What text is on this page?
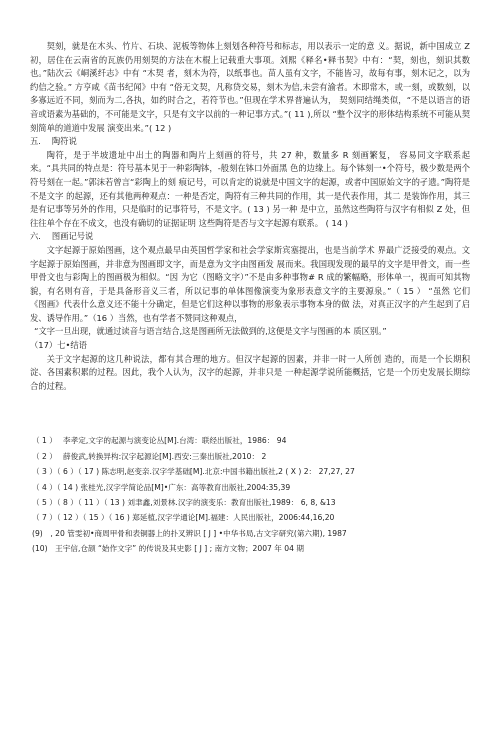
契刻，就是在木头、竹片、石块、泥板等物体上刻划各种符号和标志，用以表示一定的意 义。据说，新中国成立 Z 初，居住在云南省的瓦族仍用刻契的方法在木棍上记载重大事项。刘熙《释名•释书契》中有：“契，刻也，刻识其数也。”陆次云《峒溪纤志》中有 “木契 者，刻木为符，以纸事也。苗人虽有文字，不能皆习，故每有事，刻木记之，以为约信之验。” 方亨咸《苗书纪闻》中有 “俗无文契，凡称贷交易，刻木为信,未尝有渝者。木即常木，或一刻，或数刻，以多寡远近不同，刻而为二,各执，如约时合之，若符节也。”但现在学术界普遍认为， 契刻同结绳类似，“不是以语言的语音或语素为基础的，不可能是文字，只是有文字以前的一种记事方式。”( 11 ),所以 “整个汉字的形体结构系统不可能从契刻简单的道道中发展 演变出来。”( 12 )

五.　 陶符说

陶符，是于半坡遗址中出土的陶器和陶片上刻画的符号，共 27 种，数量多 R 刻画繁复， 容易同文字联系起来。“具共同的特点是：符号基本见于一种彩陶钵，-般刻在钵口外面黑 色的边缘上。每个钵刻一•个符号，极少数是两个符号刻在一起。”郭沫若曾言“彩陶上的刻 痕记号，可以肯定的说就是中国文字的起源，或者中国原始文字的孑遗。”陶符是不是文字 的起源，还有其他两种观点：一种是否定，陶符有三种共同的作用，其一是代表作用，其二 是装饰作用，其三是有记事等另外的作用，只是临时的记事符号，不是文字。( 13 ) 另一种 是中立，虽然这些陶符与汉字有相似 Z 处，但往往单个存在不成文，也没有确切的证据证明 这些陶符是否与文字起源有联系。 ( 14 )

六.　 图画记号说

文字起源于原始图画，这个观点最早由英国哲学家和社会学家斯宾塞提出，也是当前学术 界最广泛接受的观点。文字起源于原始图画，并非意为图画即文字，而是意为文字由图画发 展而来。我国现发现的最早的文字是甲骨文，而一些甲骨文也与彩陶上的图画极为相似。“因 为它（图略文字）”不是由多种事物# R 成的繁幅略，形体单一，视而可知其物貌，有名则有音，于是具备形音义三者，所以记事的单体图像演变为象形表意文字的主要源泉。”（ 15 ） “虽然 它们《图画》代表什么意义还不能十分确定，但是它们这种以事物的形象表示事物本身的做 法，对真正汉字的产生起到了启发、诱导作用。”（16 ）当然，也有学者不赞同这种观点，

“文字一旦出现，就通过读音与语言结合,这是图画所无法做到的,这便是文字与图画的本 质区别。”

（17）七•结语

关于文字起源的这几种说法，都有其合理的地方。但汉字起源的因素，并非一时一人所创 造的，而是一个长期积淀、各国素积累的过程。因此，我个人认为，汉字的起源，并非只是 一种起源学说所能概括，它是一个历史发展长期综合的过程。

（ 1 ）　 李孝定,文字的起源与演变论丛[M].台湾：联经出版社，1986： 94

（ 2 ）　 薛俊武,转换异构:汉字起源论[M].西安:三秦出版社,2010： 2

（ 3 ）（ 6 ）（ 17 ) 陈志明,赵变亲.汉字学基础[M].北京:中国书籍出版社,2 ( X ) 2： 27,27, 27

（ 4 ）（ 14 ) 张桂光,汉字学简论品[M]•广东：高等教育出版社,2004:35,39

（ 5 ）（ 8 ）（ 11 ）（ 13 ) 刘聿鑫,刘景林.汉字的演变乐：教育出版社,1989： 6, 8, &13

（ 7 ）（ 12 ）（ 15 ）（ 16 ) 郑延植,汉字学通论[M].福建：人民出版社，2006:44,16,20

(9)　, 20 管雯初•商周甲骨和表铜器上的扑叉辨识 [ J ] •中华书局,古文字研究(第六期), 1987

(10)　王宇信,仓颉 “始作文字” 的传说及其史影 [ J ] ; 南方文物；2007 年 04 期
